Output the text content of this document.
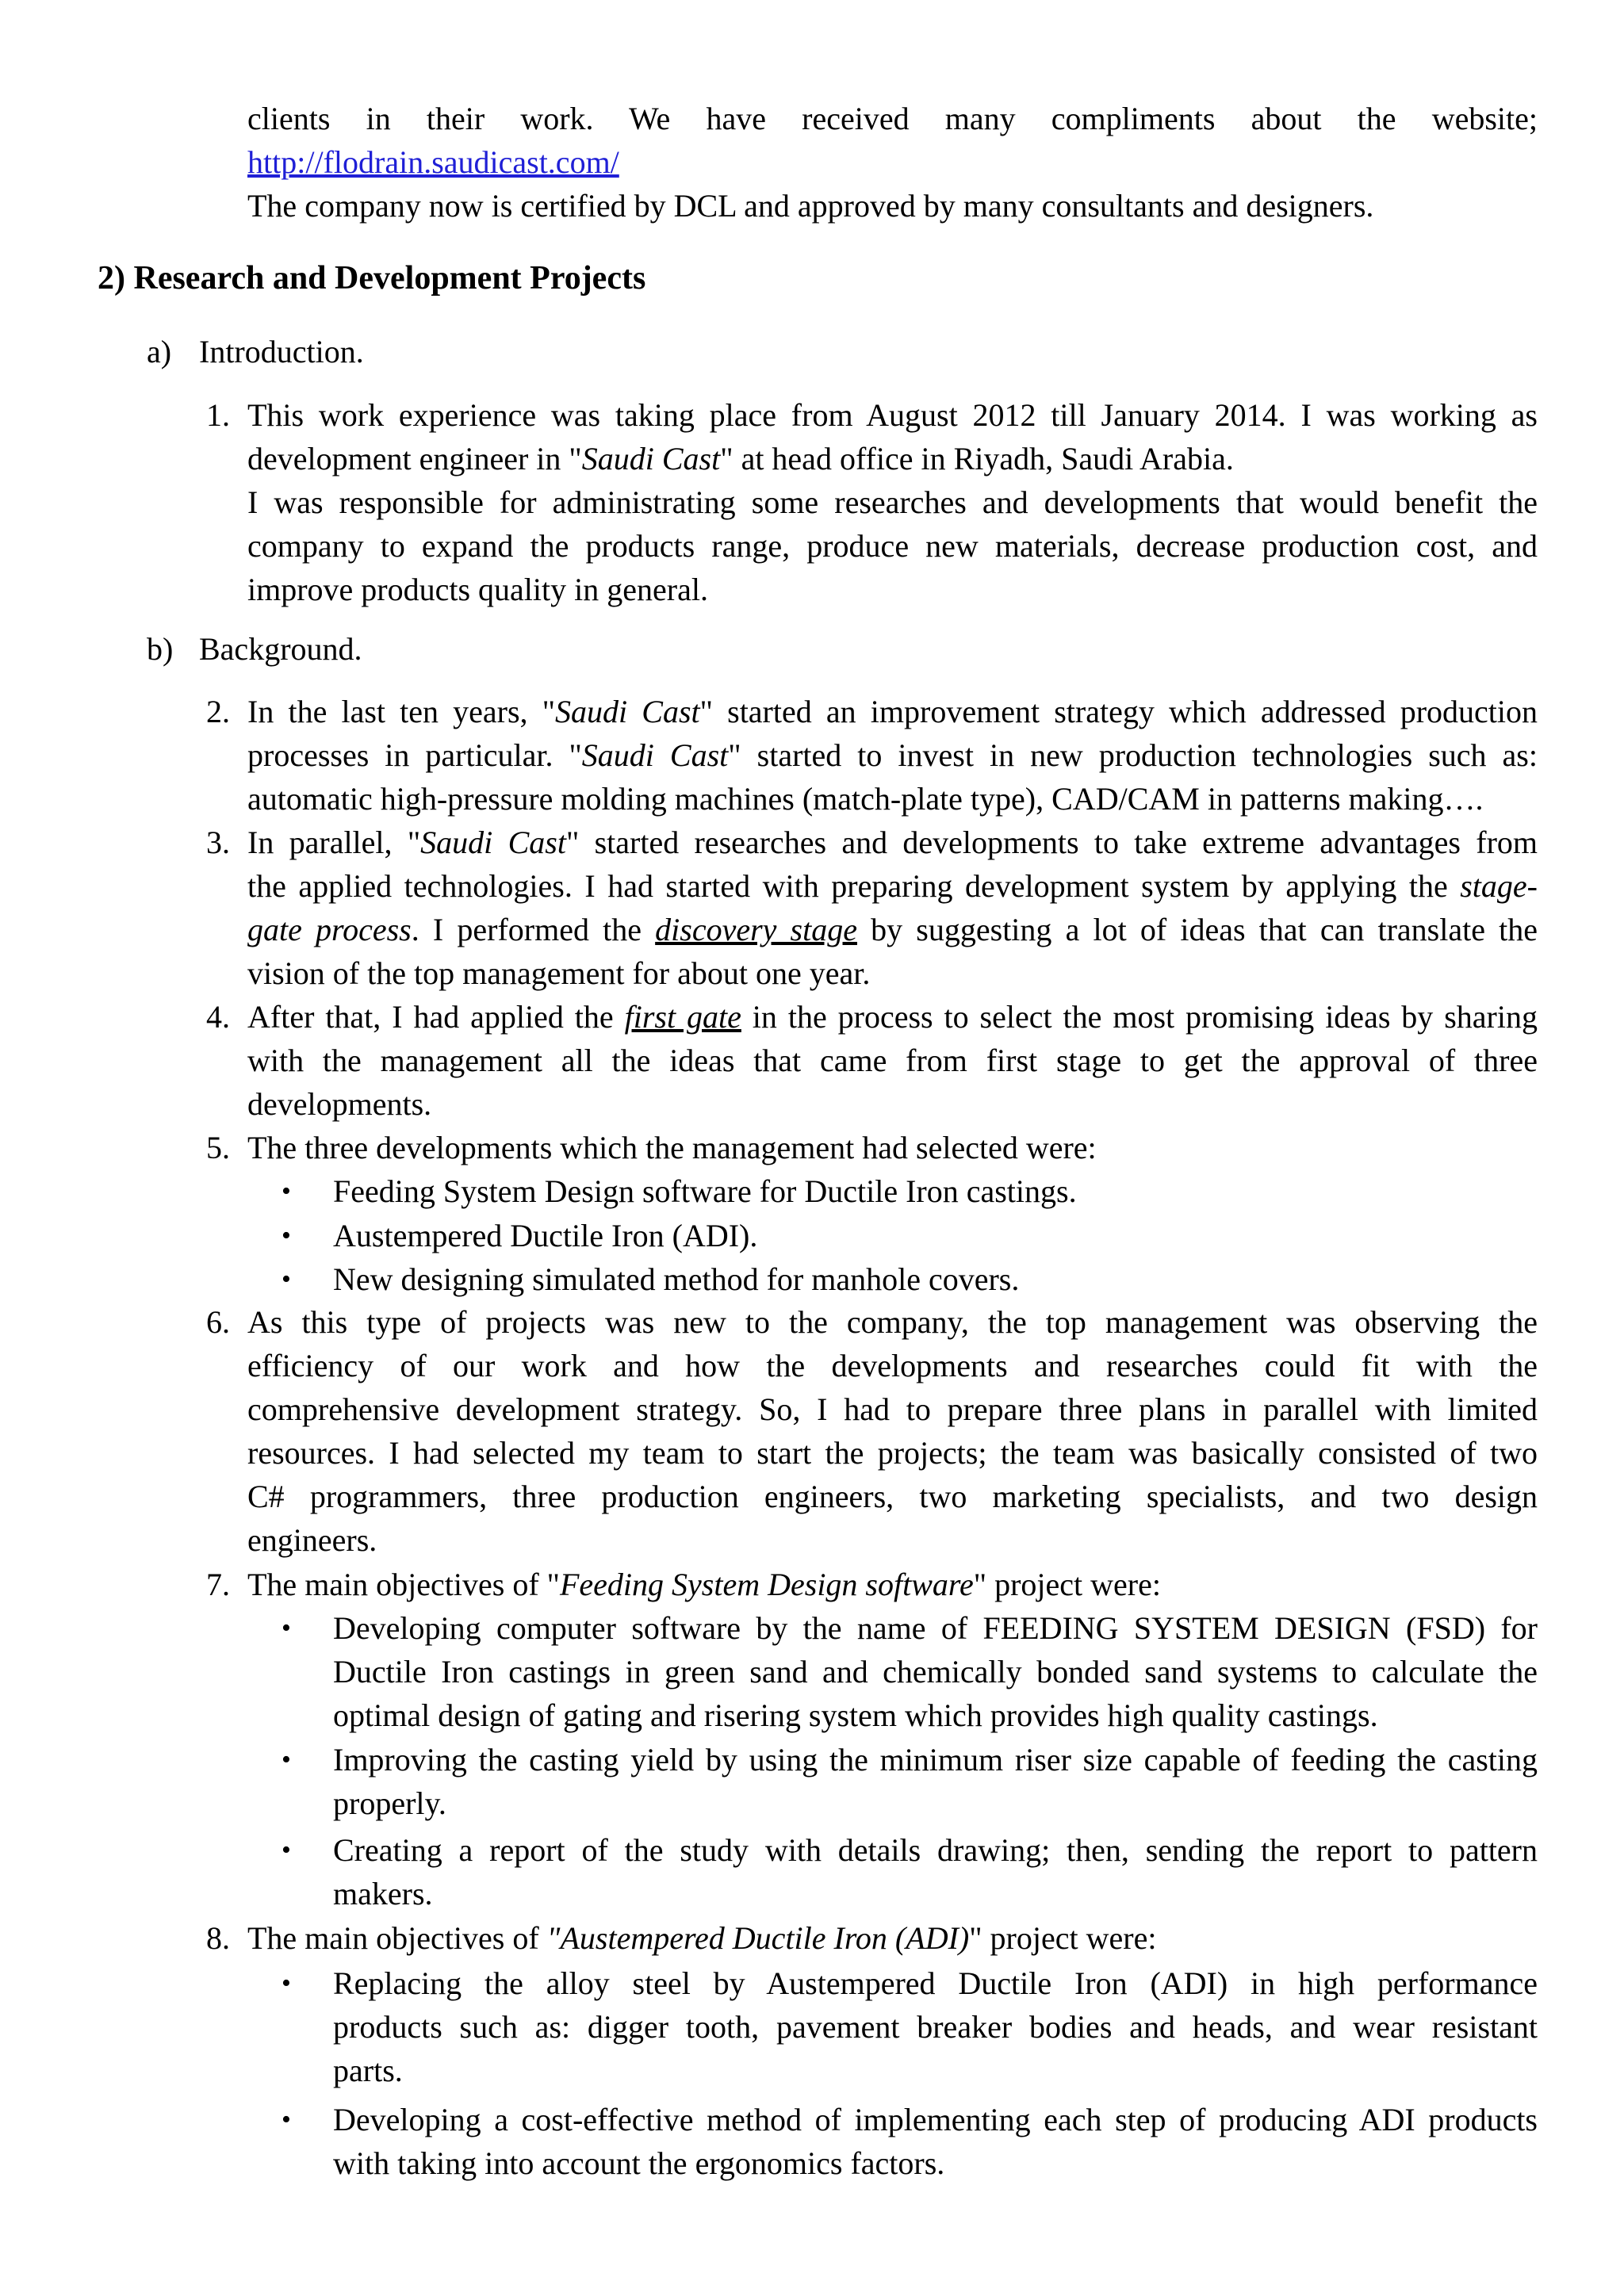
clients in their work. We have received many compliments about the website;
http://flodrain.saudicast.com/
The company now is certified by DCL and approved by many consultants and designers.
2) Research and Development Projects
a) Introduction.
1. This work experience was taking place from August 2012 till January 2014. I was working as
development engineer in "Saudi Cast" at head office in Riyadh, Saudi Arabia.
I was responsible for administrating some researches and developments that would benefit the
company to expand the products range, produce new materials, decrease production cost, and
improve products quality in general.
b) Background.
2. In the last ten years, "Saudi Cast" started an improvement strategy which addressed production
processes in particular. "Saudi Cast" started to invest in new production technologies such as:
automatic high-pressure molding machines (match-plate type), CAD/CAM in patterns making….
3. In parallel, "Saudi Cast" started researches and developments to take extreme advantages from
the applied technologies. I had started with preparing development system by applying the stage-
gate process. I performed the discovery stage by suggesting a lot of ideas that can translate the
vision of the top management for about one year.
4. After that, I had applied the first gate in the process to select the most promising ideas by sharing
with the management all the ideas that came from first stage to get the approval of three
developments.
5. The three developments which the management had selected were:
• Feeding System Design software for Ductile Iron castings.
• Austempered Ductile Iron (ADI).
• New designing simulated method for manhole covers.
6. As this type of projects was new to the company, the top management was observing the
efficiency of our work and how the developments and researches could fit with the
comprehensive development strategy. So, I had to prepare three plans in parallel with limited
resources. I had selected my team to start the projects; the team was basically consisted of two
C# programmers, three production engineers, two marketing specialists, and two design
engineers.
7. The main objectives of "Feeding System Design software" project were:
• Developing computer software by the name of FEEDING SYSTEM DESIGN (FSD) for
Ductile Iron castings in green sand and chemically bonded sand systems to calculate the
optimal design of gating and risering system which provides high quality castings.
• Improving the casting yield by using the minimum riser size capable of feeding the casting
properly.
• Creating a report of the study with details drawing; then, sending the report to pattern
makers.
8. The main objectives of "Austempered Ductile Iron (ADI)" project were:
• Replacing the alloy steel by Austempered Ductile Iron (ADI) in high performance
products such as: digger tooth, pavement breaker bodies and heads, and wear resistant
parts.
• Developing a cost-effective method of implementing each step of producing ADI products
with taking into account the ergonomics factors.
